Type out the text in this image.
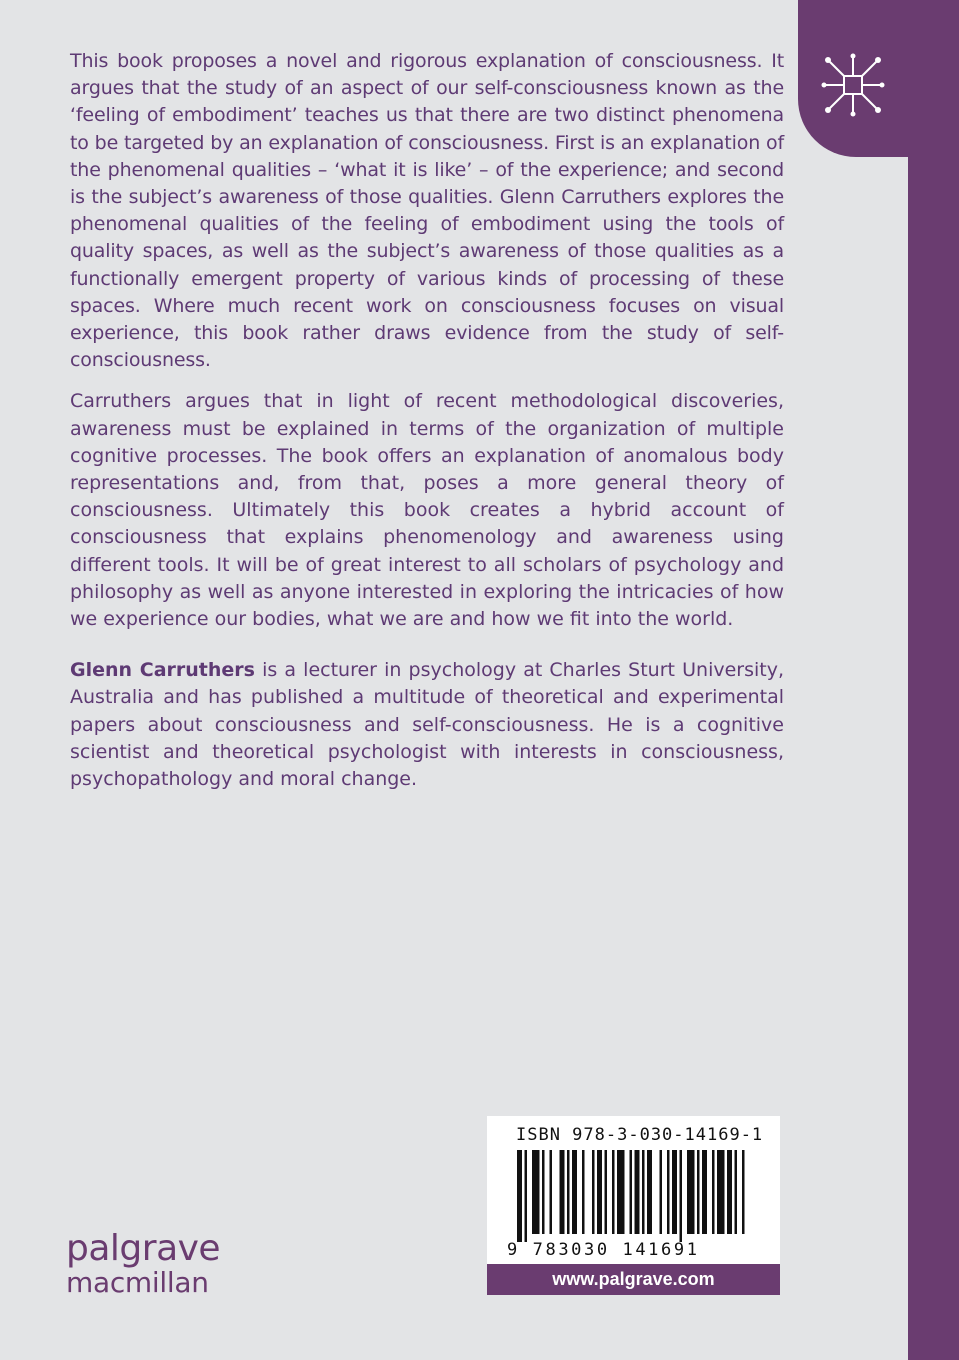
This book proposes a novel and rigorous explanation of consciousness. It argues that the study of an aspect of our self-consciousness known as the ‘feeling of embodiment’ teaches us that there are two distinct phenomena to be targeted by an explanation of consciousness. First is an explanation of the phenomenal qualities – ‘what it is like’ – of the experience; and second is the subject’s awareness of those qualities. Glenn Carruthers explores the phenomenal qualities of the feeling of embodiment using the tools of quality spaces, as well as the subject’s awareness of those qualities as a functionally emergent property of various kinds of processing of these spaces. Where much recent work on consciousness focuses on visual experience, this book rather draws evidence from the study of self-consciousness.

Carruthers argues that in light of recent methodological discoveries, awareness must be explained in terms of the organization of multiple cognitive processes. The book offers an explanation of anomalous body representations and, from that, poses a more general theory of consciousness. Ultimately this book creates a hybrid account of consciousness that explains phenomenology and awareness using different tools. It will be of great interest to all scholars of psychology and philosophy as well as anyone interested in exploring the intricacies of how we experience our bodies, what we are and how we fit into the world.

Glenn Carruthers is a lecturer in psychology at Charles Sturt University, Australia and has published a multitude of theoretical and experimental papers about consciousness and self-consciousness. He is a cognitive scientist and theoretical psychologist with interests in consciousness, psychopathology and moral change.

palgrave
macmillan
ISBN 978-3-030-14169-1
9 783030 141691
www.palgrave.com
